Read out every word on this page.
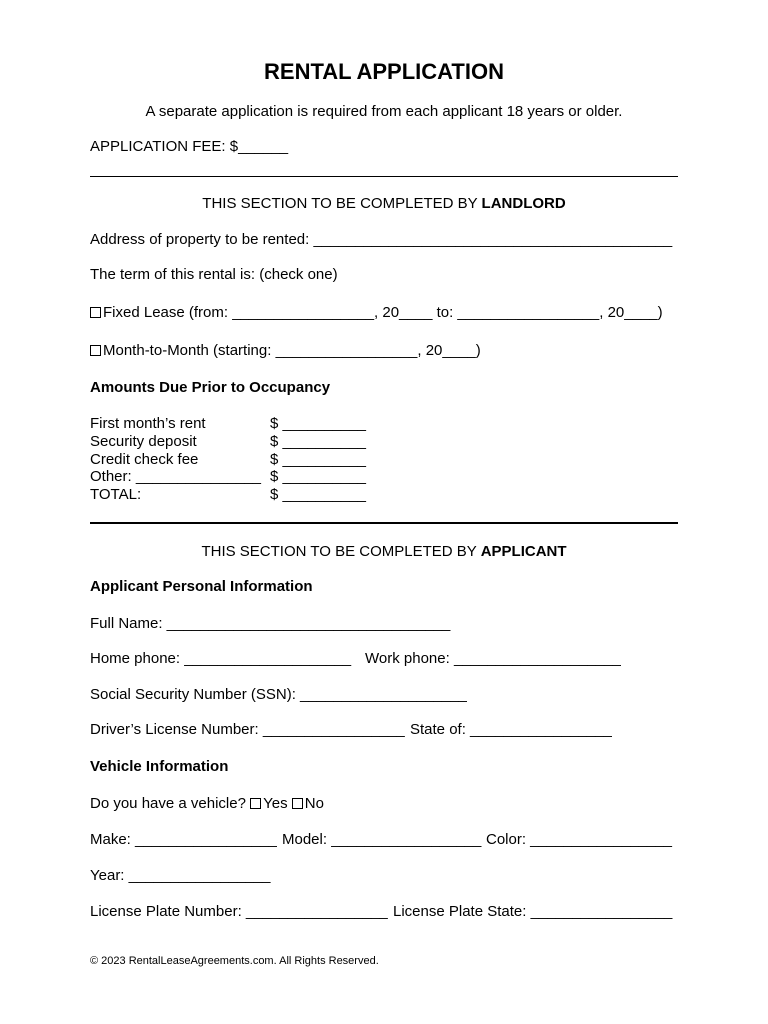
RENTAL APPLICATION
A separate application is required from each applicant 18 years or older.
APPLICATION FEE: $______
THIS SECTION TO BE COMPLETED BY LANDLORD
Address of property to be rented: ___________________________________________
The term of this rental is: (check one)
Fixed Lease (from: _________________, 20____ to: _________________, 20____)
Month-to-Month (starting: _________________, 20____)
Amounts Due Prior to Occupancy
First month’s rent	$ __________
Security deposit	$ __________
Credit check fee	$ __________
Other: _______________ $ __________
TOTAL:	$ __________
THIS SECTION TO BE COMPLETED BY APPLICANT
Applicant Personal Information
Full Name: __________________________________
Home phone: ____________________ Work phone: ____________________
Social Security Number (SSN): ____________________
Driver’s License Number: _________________ State of: _________________
Vehicle Information
Do you have a vehicle? Yes No
Make: _________________ Model: __________________ Color: _________________
Year: _________________
License Plate Number: _________________ License Plate State: _________________
© 2023 RentalLeaseAgreements.com. All Rights Reserved.
